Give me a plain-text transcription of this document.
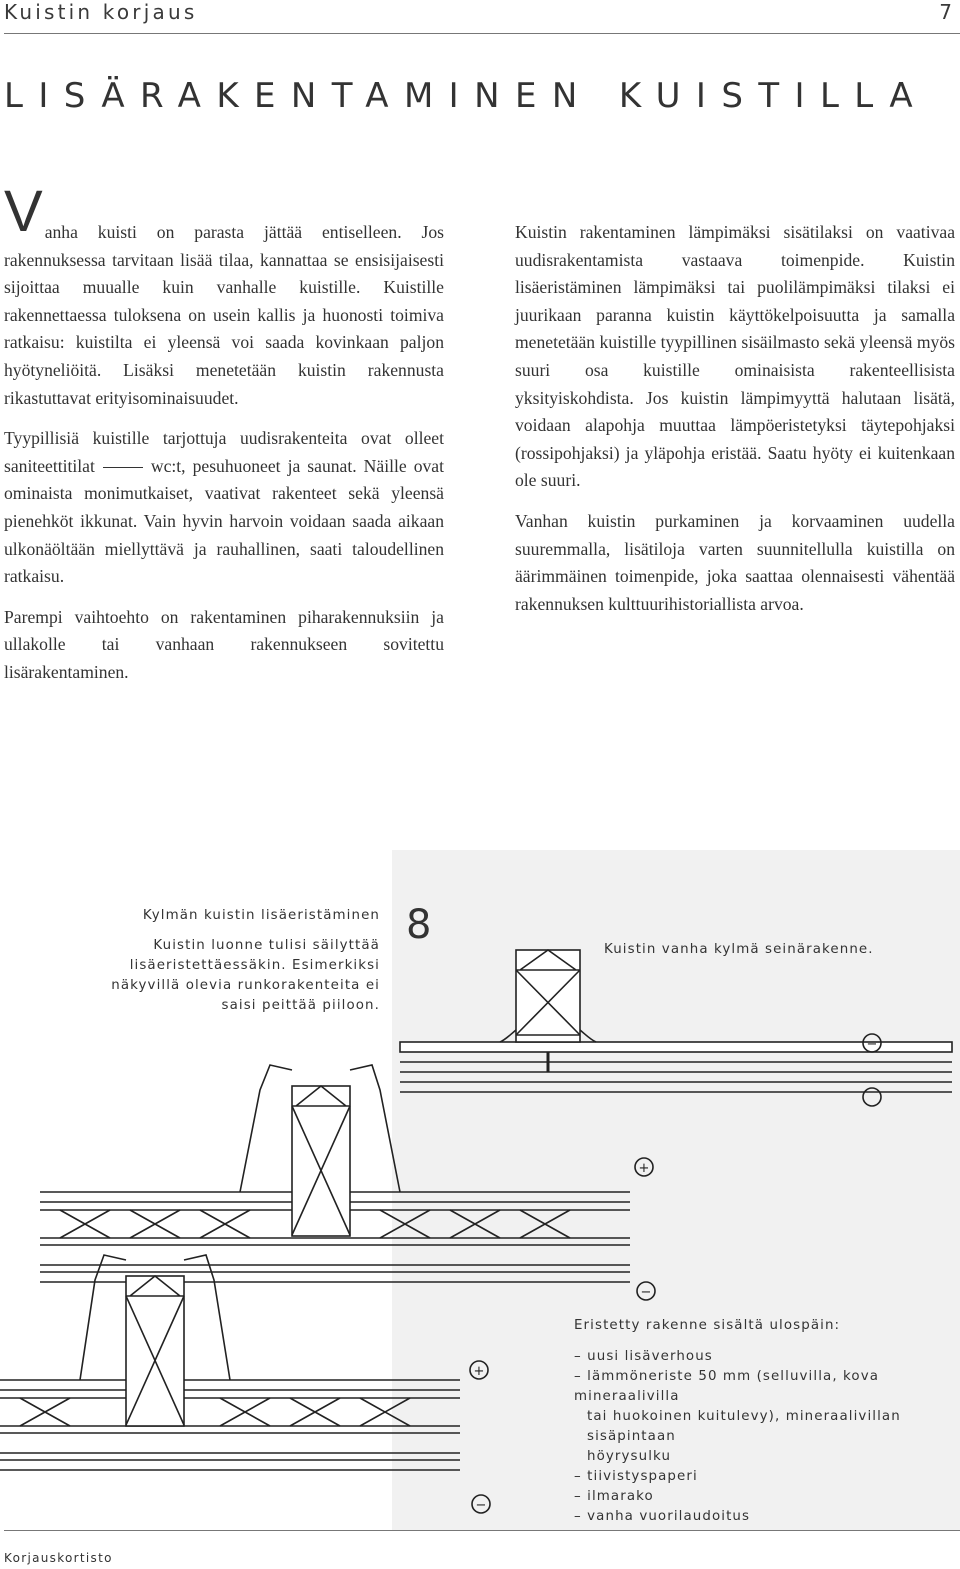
Kuistin korjaus	7
LISÄRAKENTAMINEN KUISTILLA

Vanha kuisti on parasta jättää entiselleen. Jos rakennuksessa tarvitaan lisää tilaa, kannattaa se ensisijaisesti sijoittaa muualle kuin vanhalle kuistille. Kuistille rakennettaessa tuloksena on usein kallis ja huonosti toimiva ratkaisu: kuistilta ei yleensä voi saada kovinkaan paljon hyötyneliöitä. Lisäksi menetetään kuistin rakennusta rikastuttavat erityisominaisuudet.

Tyypillisiä kuistille tarjottuja uudisrakenteita ovat olleet saniteettitilat	wc:t, pesuhuoneet ja saunat. Näille ovat ominaista monimutkaiset, vaativat rakenteet sekä yleensä pienehköt ikkunat. Vain hyvin harvoin voidaan saada aikaan ulkonäöltään miellyttävä ja rauhallinen, saati taloudellinen ratkaisu.

Parempi vaihtoehto on rakentaminen piharakennuksiin ja ullakolle tai vanhaan rakennukseen sovitettu lisärakentaminen.

Kuistin rakentaminen lämpimäksi sisätilaksi on vaativaa uudisrakentamista vastaava toimenpide. Kuistin lisäeristäminen lämpimäksi tai puolilämpimäksi tilaksi ei juurikaan paranna kuistin käyttökelpoisuutta ja samalla menetetään kuistille tyypillinen sisäilmasto sekä yleensä myös suuri osa kuistille ominaisista rakenteellisista yksityiskohdista. Jos kuistin lämpimyyttä halutaan lisätä, voidaan alapohja muuttaa lämpöeristetyksi täytepohjaksi (rossipohjaksi) ja yläpohja eristää. Saatu hyöty ei kuitenkaan ole suuri.

Vanhan kuistin purkaminen ja korvaaminen uudella suuremmalla, lisätiloja varten suunnitellulla kuistilla on äärimmäinen toimenpide, joka saattaa olennaisesti vähentää rakennuksen kulttuurihistoriallista arvoa.

−
+
−
+
−
8
Kylmän kuistin lisäeristäminen
Kuistin luonne tulisi säilyttää
lisäeristettäessäkin. Esimerkiksi
näkyvillä olevia runkorakenteita ei
saisi peittää piiloon.
Kuistin vanha kylmä seinärakenne.
Eristetty rakenne sisältä ulospäin:
– uusi lisäverhous
– lämmöneriste 50 mm (selluvilla, kova mineraalivilla
tai huokoinen kuitulevy), mineraalivillan sisäpintaan
höyrysulku
– tiivistyspaperi
– ilmarako
– vanha vuorilaudoitus
Korjauskortisto
